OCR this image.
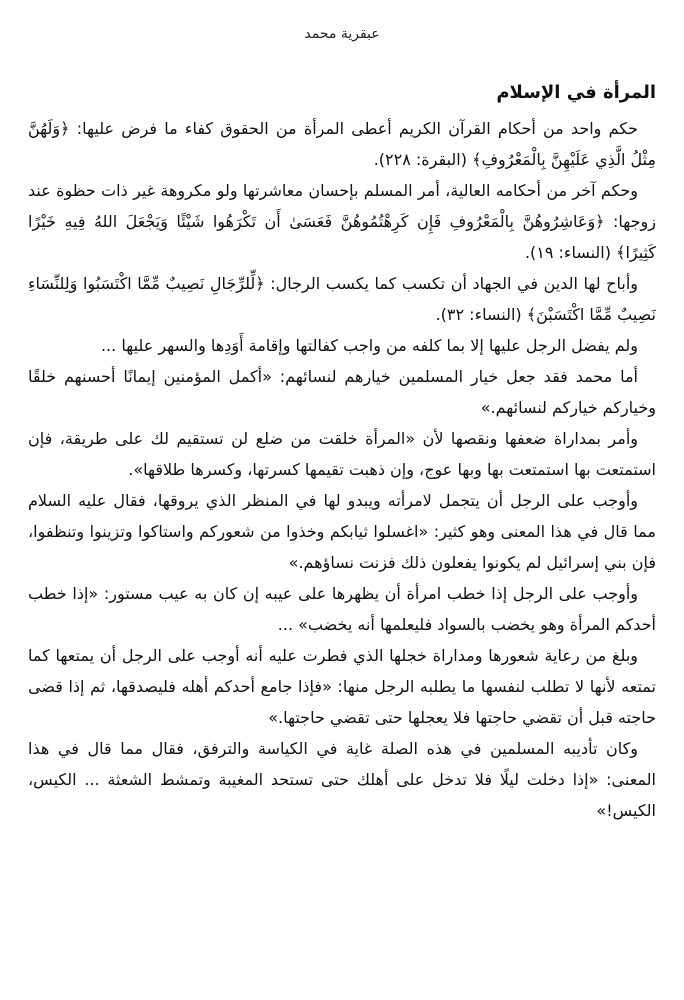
عبقرية محمد
المرأة في الإسلام

حكم واحد من أحكام القرآن الكريم أعطى المرأة من الحقوق كفاء ما فرض عليها: ﴿وَلَهُنَّ مِثْلُ الَّذِي عَلَيْهِنَّ بِالْمَعْرُوفِ﴾ (البقرة: ٢٢٨).

وحكم آخر من أحكامه العالية، أمر المسلم بإحسان معاشرتها ولو مكروهة غير ذات حظوة عند زوجها: ﴿وَعَاشِرُوهُنَّ بِالْمَعْرُوفِ فَإِن كَرِهْتُمُوهُنَّ فَعَسَىٰ أَن تَكْرَهُوا شَيْئًا وَيَجْعَلَ اللهُ فِيهِ خَيْرًا كَثِيرًا﴾ (النساء: ١٩).

وأباح لها الدين في الجهاد أن تكسب كما يكسب الرجال: ﴿لِّلرِّجَالِ نَصِيبٌ مِّمَّا اكْتَسَبُوا وَلِلنِّسَاءِ نَصِيبٌ مِّمَّا اكْتَسَبْنَ﴾ (النساء: ٣٢).

ولم يفضل الرجل عليها إلا بما كلفه من واجب كفالتها وإقامة أَوَدِها والسهر عليها ...

أما محمد فقد جعل خيار المسلمين خيارهم لنسائهم: «أكمل المؤمنين إيمانًا أحسنهم خلقًا وخياركم خياركم لنسائهم.»

وأمر بمداراة ضعفها ونقصها لأن «المرأة خلقت من ضلع لن تستقيم لك على طريقة، فإن استمتعت بها استمتعت بها وبها عوج، وإن ذهبت تقيمها كسرتها، وكسرها طلاقها».

وأوجب على الرجل أن يتجمل لامرأته ويبدو لها في المنظر الذي يروقها، فقال عليه السلام مما قال في هذا المعنى وهو كثير: «اغسلوا ثيابكم وخذوا من شعوركم واستاكوا وتزينوا وتنظفوا، فإن بني إسرائيل لم يكونوا يفعلون ذلك فزنت نساؤهم.»

وأوجب على الرجل إذا خطب امرأة أن يظهرها على عيبه إن كان به عيب مستور: «إذا خطب أحدكم المرأة وهو يخضب بالسواد فليعلمها أنه يخضب» ...

وبلغ من رعاية شعورها ومداراة خجلها الذي فطرت عليه أنه أوجب على الرجل أن يمتعها كما تمتعه لأنها لا تطلب لنفسها ما يطلبه الرجل منها: «فإذا جامع أحدكم أهله فليصدقها، ثم إذا قضى حاجته قبل أن تقضي حاجتها فلا يعجلها حتى تقضي حاجتها.»

وكان تأديبه المسلمين في هذه الصلة غاية في الكياسة والترفق، فقال مما قال في هذا المعنى: «إذا دخلت ليلًا فلا تدخل على أهلك حتى تستحد المغيبة وتمشط الشعثة ... الكيس، الكيس!»
